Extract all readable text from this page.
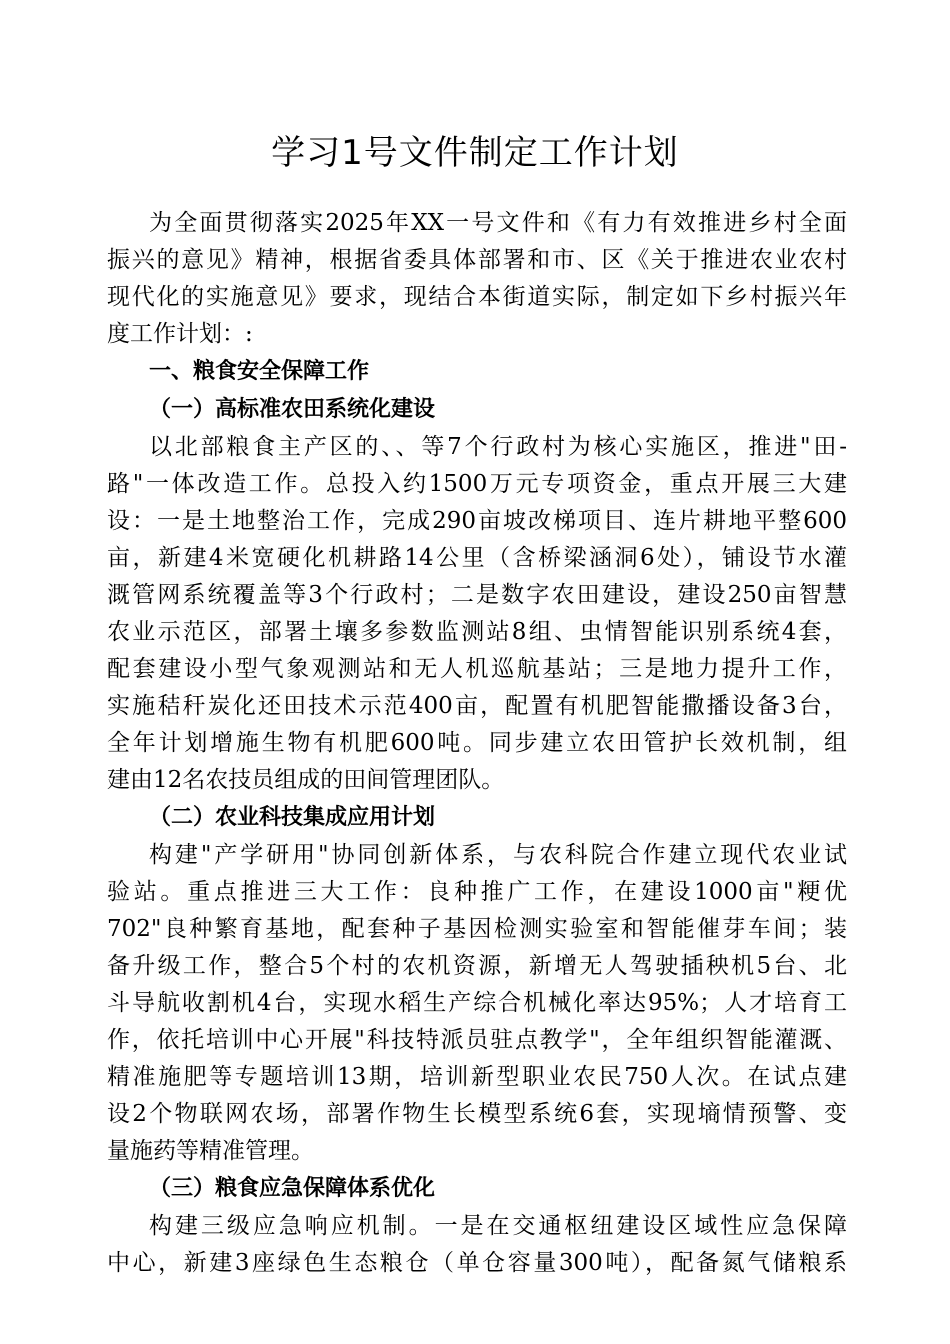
学习1号文件制定工作计划
为全面贯彻落实2025年XX一号文件和《有力有效推进乡村全面
振兴的意见》精神，根据省委具体部署和市、区《关于推进农业农村
现代化的实施意见》要求，现结合本街道实际，制定如下乡村振兴年
度工作计划：:
一、粮食安全保障工作
（一）高标准农田系统化建设
以北部粮食主产区的、、等7个行政村为核心实施区，推进"田-
路"一体改造工作。总投入约1500万元专项资金，重点开展三大建
设：一是土地整治工作，完成290亩坡改梯项目、连片耕地平整600
亩，新建4米宽硬化机耕路14公里（含桥梁涵洞6处），铺设节水灌
溉管网系统覆盖等3个行政村；二是数字农田建设，建设250亩智慧
农业示范区，部署土壤多参数监测站8组、虫情智能识别系统4套，
配套建设小型气象观测站和无人机巡航基站；三是地力提升工作，
实施秸秆炭化还田技术示范400亩，配置有机肥智能撒播设备3台，
全年计划增施生物有机肥600吨。同步建立农田管护长效机制，组
建由12名农技员组成的田间管理团队。
（二）农业科技集成应用计划
构建"产学研用"协同创新体系，与农科院合作建立现代农业试
验站。重点推进三大工作：良种推广工作，在建设1000亩"粳优
702"良种繁育基地，配套种子基因检测实验室和智能催芽车间；装
备升级工作，整合5个村的农机资源，新增无人驾驶插秧机5台、北
斗导航收割机4台，实现水稻生产综合机械化率达95%；人才培育工
作，依托培训中心开展"科技特派员驻点教学"，全年组织智能灌溉、
精准施肥等专题培训13期，培训新型职业农民750人次。在试点建
设2个物联网农场，部署作物生长模型系统6套，实现墒情预警、变
量施药等精准管理。
（三）粮食应急保障体系优化
构建三级应急响应机制。一是在交通枢纽建设区域性应急保障
中心，新建3座绿色生态粮仓（单仓容量300吨），配备氮气储粮系
